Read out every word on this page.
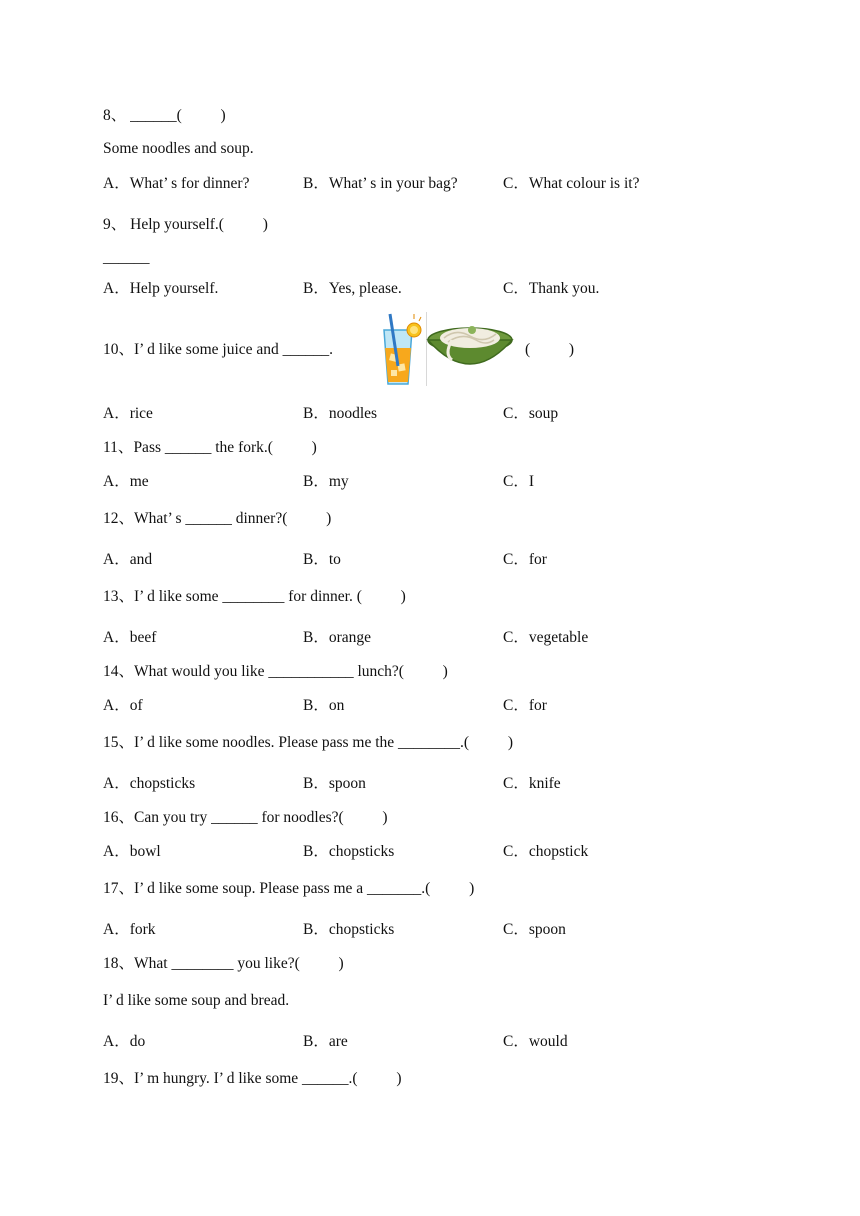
8、 ______(          )
Some noodles and soup.
A．What’ s for dinner?	B．What’ s in your bag?	C．What colour is it?
9、 Help yourself.(          )
______
A．Help yourself.	B．Yes, please.	C．Thank you.
10、I’ d like some juice and ______.	(          )
A．rice	B．noodles	C．soup
11、Pass ______ the fork.(          )
A．me	B．my	C．I
12、What’ s ______ dinner?(          )
A．and	B．to	C．for
13、I’ d like some ________ for dinner. (          )
A．beef	B．orange	C．vegetable
14、What would you like ___________ lunch?(          )
A．of	B．on	C．for
15、I’ d like some noodles. Please pass me the ________.(          )
A．chopsticks	B．spoon	C．knife
16、Can you try ______ for noodles?(          )
A．bowl	B．chopsticks	C．chopstick
17、I’ d like some soup. Please pass me a _______.(          )
A．fork	B．chopsticks	C．spoon
18、What ________ you like?(          )
I’ d like some soup and bread.
A．do	B．are	C．would
19、I’ m hungry. I’ d like some ______.(          )
